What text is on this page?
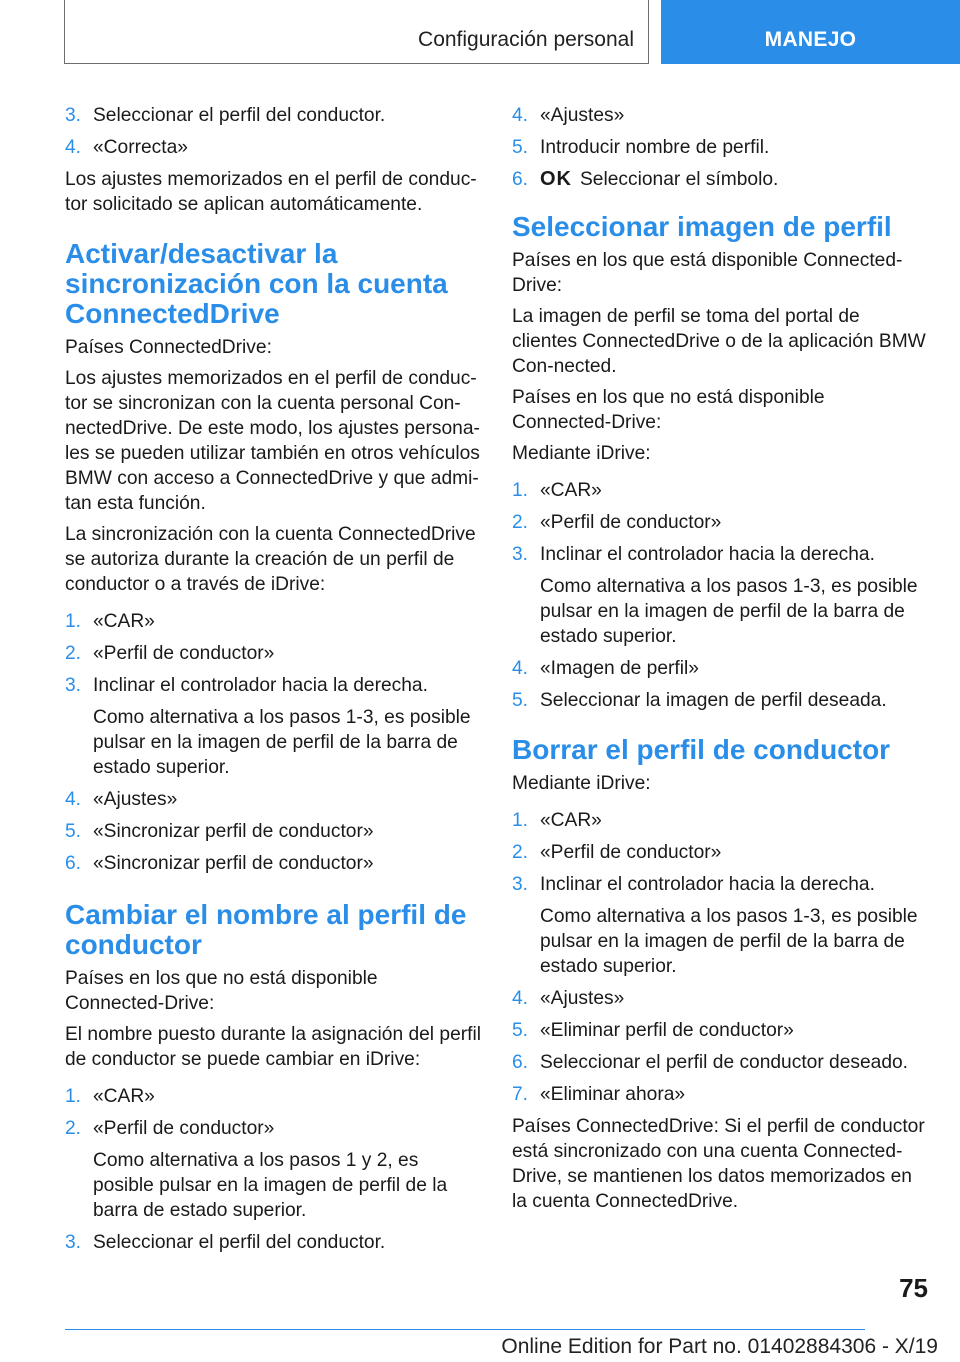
Configuración personal	MANEJO
3. Seleccionar el perfil del conductor.
4. «Correcta»

Los ajustes memorizados en el perfil de conduc‐tor solicitado se aplican automáticamente.

Activar/desactivar la sincronización con la cuenta ConnectedDrive

Países ConnectedDrive:

Los ajustes memorizados en el perfil de conduc‐tor se sincronizan con la cuenta personal Con‐nectedDrive. De este modo, los ajustes persona‐les se pueden utilizar también en otros vehículos BMW con acceso a ConnectedDrive y que admi‐tan esta función.

La sincronización con la cuenta ConnectedDrive se autoriza durante la creación de un perfil de conductor o a través de iDrive:

1. «CAR»
2. «Perfil de conductor»
3. Inclinar el controlador hacia la derecha.
Como alternativa a los pasos 1‑3, es posible pulsar en la imagen de perfil de la barra de estado superior.
4. «Ajustes»
5. «Sincronizar perfil de conductor»
6. «Sincronizar perfil de conductor»
Cambiar el nombre al perfil de conductor

Países en los que no está disponible Connected‐Drive:

El nombre puesto durante la asignación del perfil de conductor se puede cambiar en iDrive:

1. «CAR»
2. «Perfil de conductor»
Como alternativa a los pasos 1 y 2, es posible pulsar en la imagen de perfil de la barra de estado superior.
3. Seleccionar el perfil del conductor.
4. «Ajustes»
5. Introducir nombre de perfil.
6. OK Seleccionar el símbolo.
Seleccionar imagen de perfil

Países en los que está disponible Connected‐Drive:

La imagen de perfil se toma del portal de clientes ConnectedDrive o de la aplicación BMW Con‐nected.

Países en los que no está disponible Connected‐Drive:

Mediante iDrive:

1. «CAR»
2. «Perfil de conductor»
3. Inclinar el controlador hacia la derecha.
Como alternativa a los pasos 1‑3, es posible pulsar en la imagen de perfil de la barra de estado superior.
4. «Imagen de perfil»
5. Seleccionar la imagen de perfil deseada.
Borrar el perfil de conductor

Mediante iDrive:

1. «CAR»
2. «Perfil de conductor»
3. Inclinar el controlador hacia la derecha.
Como alternativa a los pasos 1‑3, es posible pulsar en la imagen de perfil de la barra de estado superior.
4. «Ajustes»
5. «Eliminar perfil de conductor»
6. Seleccionar el perfil de conductor deseado.
7. «Eliminar ahora»

Países ConnectedDrive: Si el perfil de conductor está sincronizado con una cuenta Connected‐Drive, se mantienen los datos memorizados en la cuenta ConnectedDrive.

75
Online Edition for Part no. 01402884306 - X/19
